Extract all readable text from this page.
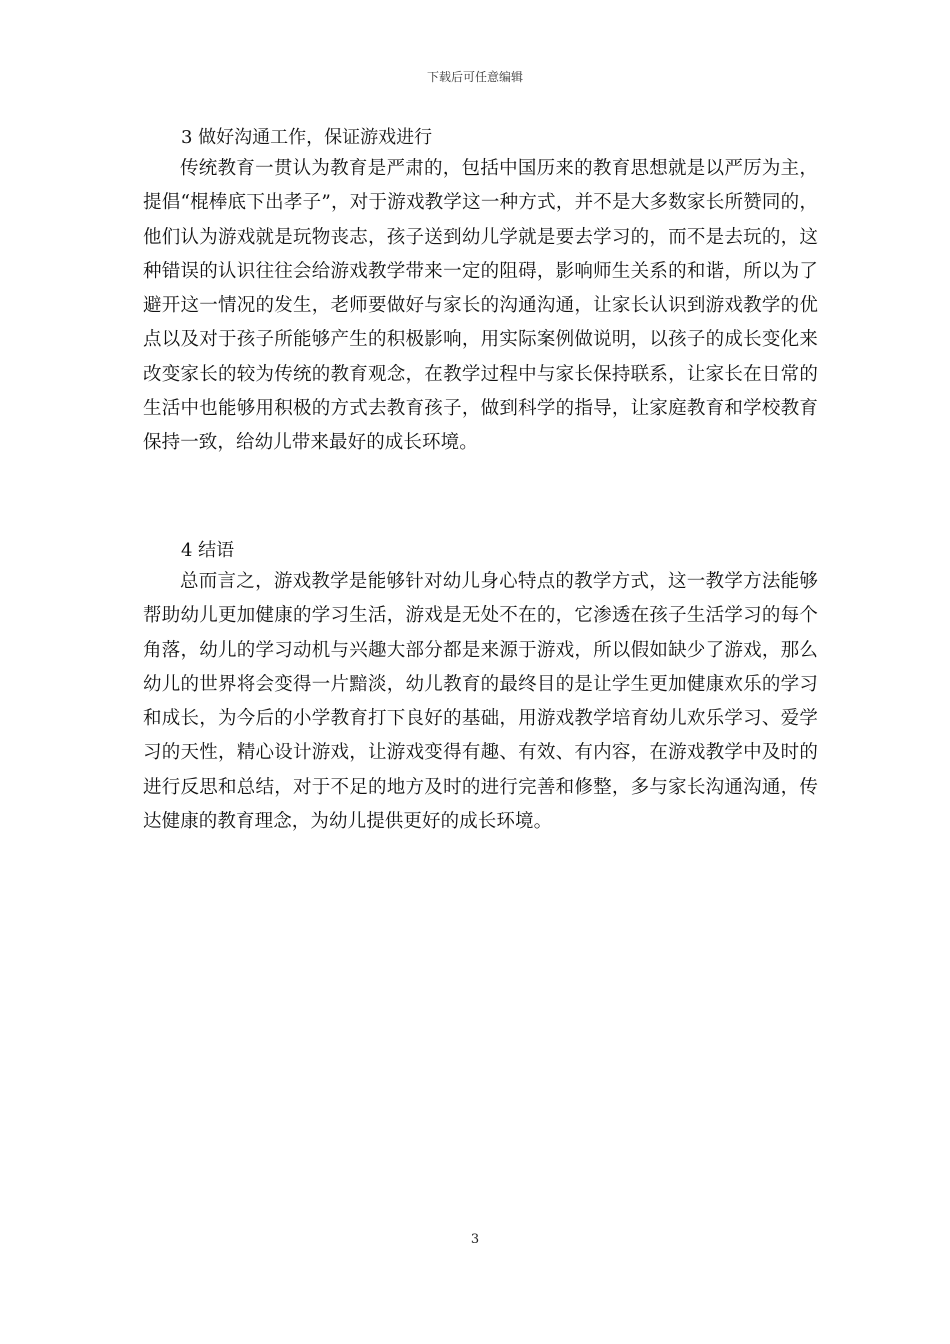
下载后可任意编辑
3 做好沟通工作，保证游戏进行

传统教育一贯认为教育是严肃的，包括中国历来的教育思想就是以严厉为主，提倡“棍棒底下出孝子”，对于游戏教学这一种方式，并不是大多数家长所赞同的，他们认为游戏就是玩物丧志，孩子送到幼儿学就是要去学习的，而不是去玩的，这种错误的认识往往会给游戏教学带来一定的阻碍，影响师生关系的和谐，所以为了避开这一情况的发生，老师要做好与家长的沟通沟通，让家长认识到游戏教学的优点以及对于孩子所能够产生的积极影响，用实际案例做说明，以孩子的成长变化来改变家长的较为传统的教育观念，在教学过程中与家长保持联系，让家长在日常的生活中也能够用积极的方式去教育孩子，做到科学的指导，让家庭教育和学校教育保持一致，给幼儿带来最好的成长环境。

4 结语

总而言之，游戏教学是能够针对幼儿身心特点的教学方式，这一教学方法能够帮助幼儿更加健康的学习生活，游戏是无处不在的，它渗透在孩子生活学习的每个角落，幼儿的学习动机与兴趣大部分都是来源于游戏，所以假如缺少了游戏，那么幼儿的世界将会变得一片黯淡，幼儿教育的最终目的是让学生更加健康欢乐的学习和成长，为今后的小学教育打下良好的基础，用游戏教学培育幼儿欢乐学习、爱学习的天性，精心设计游戏，让游戏变得有趣、有效、有内容，在游戏教学中及时的进行反思和总结，对于不足的地方及时的进行完善和修整，多与家长沟通沟通，传达健康的教育理念，为幼儿提供更好的成长环境。

3
